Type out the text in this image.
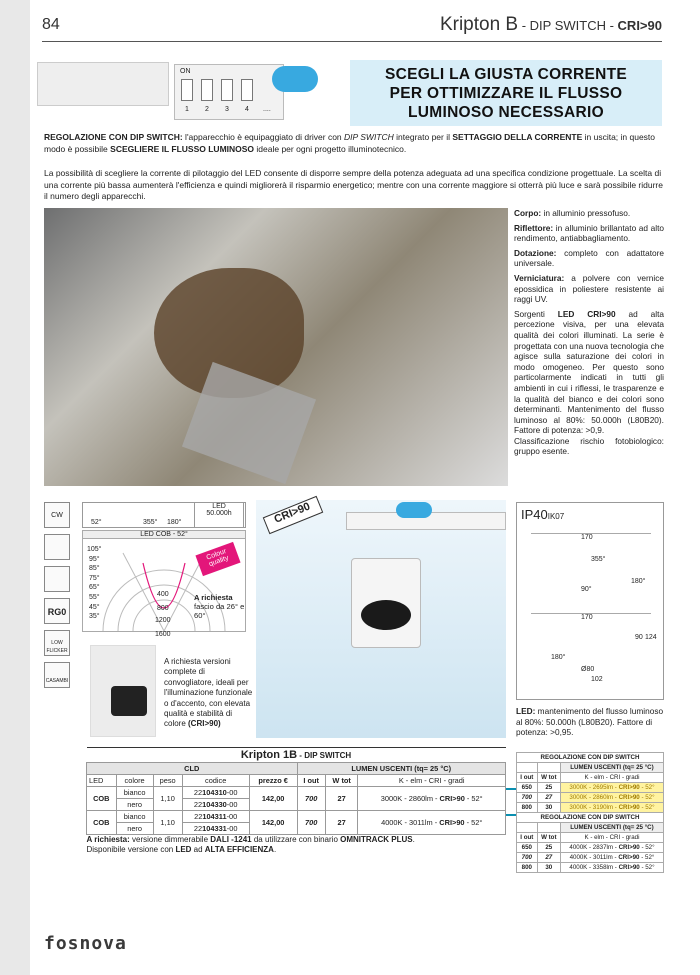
84	Kripton B - DIP SWITCH - CRI>90
ON
1 2 3 4 ....
SCEGLI LA GIUSTA CORRENTE
PER OTTIMIZZARE IL FLUSSO
LUMINOSO NECESSARIO
REGOLAZIONE CON DIP SWITCH: l'apparecchio è equipaggiato di driver con DIP SWITCH integrato per il SETTAGGIO DELLA CORRENTE in uscita; in questo modo è possibile SCEGLIERE IL FLUSSO LUMINOSO ideale per ogni progetto illuminotecnico.
La possibilità di scegliere la corrente di pilotaggio del LED consente di disporre sempre della potenza adeguata ad una specifica condizione progettuale. La scelta di una corrente più bassa aumenterà l'efficienza e quindi migliorerà il risparmio energetico; mentre con una corrente maggiore si otterrà più luce e sarà possibile ridurre il numero degli apparecchi.

Corpo: in alluminio pressofuso.

Riflettore: in alluminio brillantato ad alto rendimento, antiabbagliamento.

Dotazione: completo con adattatore universale.

Verniciatura: a polvere con vernice epossidica in poliestere resistente ai raggi UV.

Sorgenti LED CRI>90 ad alta percezione visiva, per una elevata qualità dei colori illuminati. La serie è progettata con una nuova tecnologia che agisce sulla saturazione dei colori in modo omogeneo. Per questo sono particolarmente indicati in tutti gli ambienti in cui i riflessi, le trasparenze e la qualità del bianco e dei colori sono determinanti. Mantenimento del flusso luminoso al 80%: 50.000h (L80B20). Fattore di potenza: >0,9.
Classificazione rischio fotobiologico: gruppo esente.

CW
RG0
LOW FLICKER
CASAMBI
52°	355° 180°
LED COB - 52°
400
800
1200
1600
105°
95°
85°
75°
65°
55°
45°
35°
LED
50.000h
Colour quality
A richiesta
fascio da 26° e 60°
A richiesta versioni complete di convogliatore, ideali per l'illuminazione funzionale o d'accento, con elevata qualità e stabilità di colore (CRI>90)
CRI>90	IP40IK07
170
355°
180°
90°
170
124
90
180°
Ø80
102
LED: mantenimento del flusso luminoso al 80%: 50.000h (L80B20). Fattore di potenza: >0,95.
Kripton 1B - DIP SWITCH							
CLD					LUMEN USCENTI (tq= 25 °C)		
LED	colore	peso	codice	prezzo €	I out	W tot	K - elm - CRI - gradi
COB	bianco	1,10	22104310-00	142,00	700	27	3000K - 2860lm - CRI>90 - 52°
	nero		22104330-00				
COB	bianco	1,10	22104311-00	142,00	700	27	4000K - 3011lm - CRI>90 - 52°
	nero		22104331-00				
A richiesta: versione dimmerabile DALI -1241 da utilizzare con binario OMNITRACK PLUS.							
Disponibile versione con LED ad ALTA EFFICIENZA.							
REGOLAZIONE CON DIP SWITCH		
		LUMEN USCENTI (tq= 25 °C)
I out	W tot	K - elm - CRI - gradi
650	25	3000K - 2695lm - CRI>90 - 52°
700	27	3000K - 2860lm - CRI>90 - 52°
800	30	3000K - 3190lm - CRI>90 - 52°
REGOLAZIONE CON DIP SWITCH		
		LUMEN USCENTI (tq= 25 °C)
I out	W tot	K - elm - CRI - gradi
650	25	4000K - 2837lm - CRI>90 - 52°
700	27	4000K - 3011lm - CRI>90 - 52°
800	30	4000K - 3358lm - CRI>90 - 52°
fosnova
